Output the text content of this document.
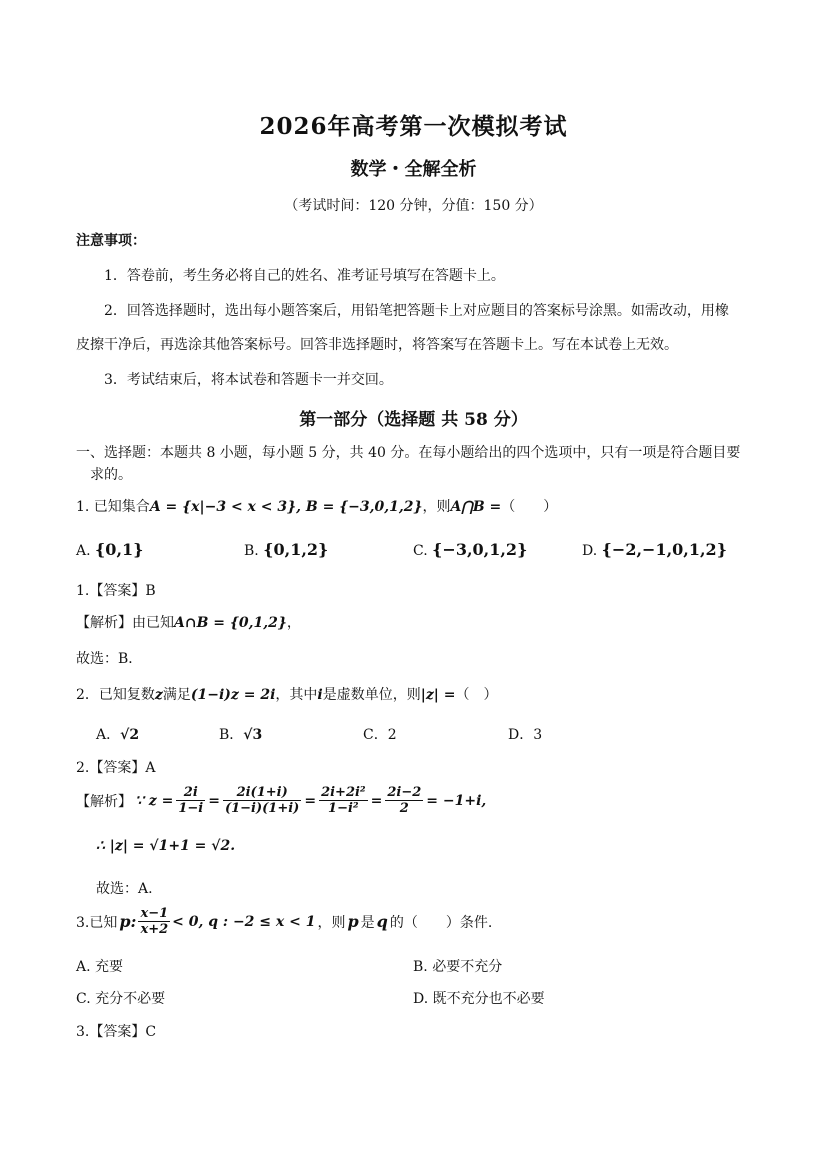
2026年高考第一次模拟考试
数学・全解全析
（考试时间：120 分钟，分值：150 分）
注意事项：
1．答卷前，考生务必将自己的姓名、准考证号填写在答题卡上。
2．回答选择题时，选出每小题答案后，用铅笔把答题卡上对应题目的答案标号涂黑。如需改动，用橡
皮擦干净后，再选涂其他答案标号。回答非选择题时，将答案写在答题卡上。写在本试卷上无效。
3．考试结束后，将本试卷和答题卡一并交回。
第一部分（选择题 共 58 分）
一、选择题：本题共 8 小题，每小题 5 分，共 40 分。在每小题给出的四个选项中，只有一项是符合题目要
求的。
1. 已知集合A = {x|−3 < x < 3}, B = {−3,0,1,2}，则A⋂B =（　　）
A. {0,1}	B. {0,1,2}	C. {−3,0,1,2}	D. {−2,−1,0,1,2}
1.【答案】B
【解析】由已知A∩B = {0,1,2}，
故选：B．
2．已知复数z满足(1−i)z = 2i，其中i是虚数单位，则|z| =（　）
A．√2	B．√3	C．2	D．3
2.【答案】A
【解析】 ∵ $z = \frac{2i}{1-i} = \frac{2i(1+i)}{(1-i)(1+i)} = \frac{\text{2i+2i²}}{\text{1−i²}} = \frac{2i-2}{2} = -1+i$,
∴ |z| = √1+1 = √2.
故选：A.
3.已知 p: $\frac{x-1}{x+2} < 0$, q : −2 ≤ x < 1 ，则 p 是 q 的（　　）条件.
A. 充要	B. 必要不充分
C. 充分不必要	D. 既不充分也不必要
3.【答案】C
